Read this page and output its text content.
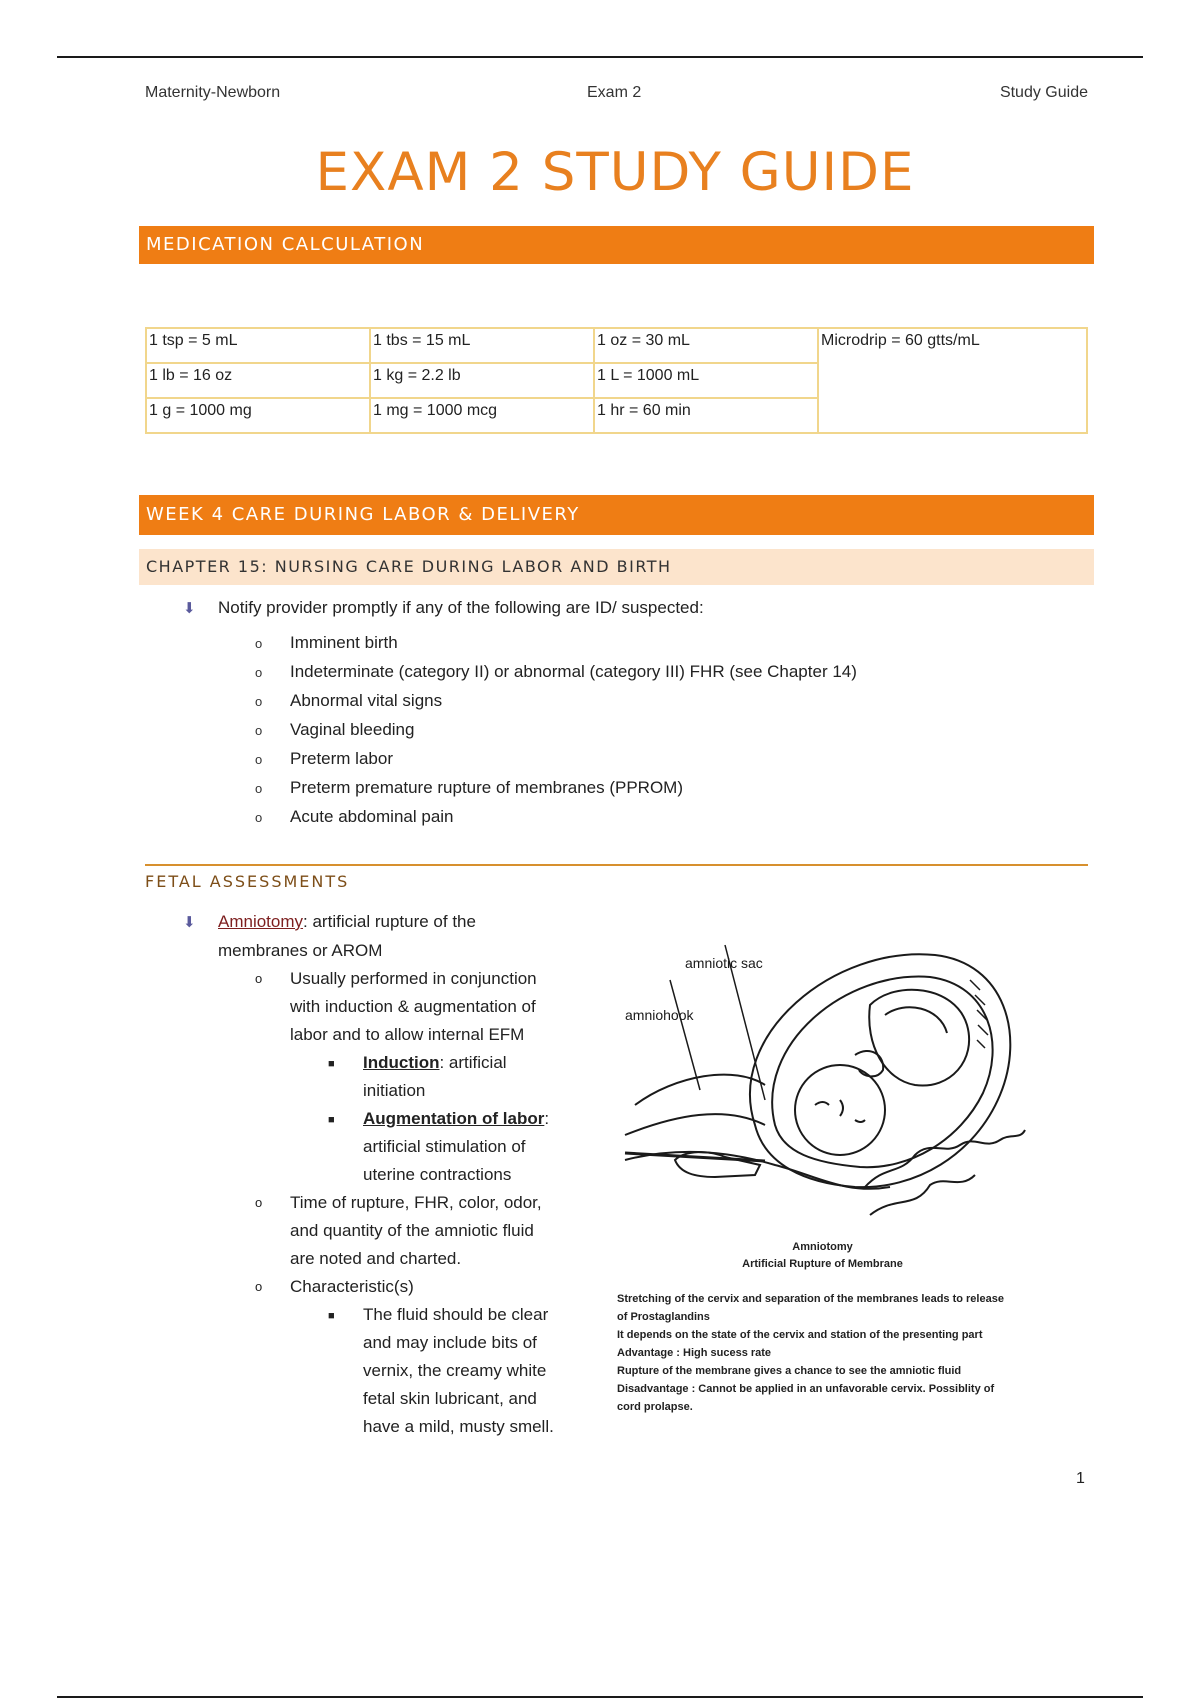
Maternity-Newborn	Exam 2	Study Guide
EXAM 2 STUDY GUIDE
MEDICATION CALCULATION
1 tsp = 5 mL	1 tbs = 15 mL	1 oz = 30 mL	Microdrip = 60 gtts/mL
1 lb = 16 oz	1 kg = 2.2 lb	1 L = 1000 mL	
1 g = 1000 mg	1 mg = 1000 mcg	1 hr = 60 min	
WEEK 4 CARE DURING LABOR & DELIVERY
CHAPTER 15: NURSING CARE DURING LABOR AND BIRTH
⬇ Notify provider promptly if any of the following are ID/ suspected:
o Imminent birth
o Indeterminate (category II) or abnormal (category III) FHR (see Chapter 14)
o Abnormal vital signs
o Vaginal bleeding
o Preterm labor
o Preterm premature rupture of membranes (PPROM)
o Acute abdominal pain
FETAL ASSESSMENTS
⬇ Amniotomy: artificial rupture of the
membranes or AROM
o Usually performed in conjunction
with induction & augmentation of
labor and to allow internal EFM
■ Induction: artificial
initiation
■ Augmentation of labor:
artificial stimulation of
uterine contractions
o Time of rupture, FHR, color, odor,
and quantity of the amniotic fluid
are noted and charted.
o Characteristic(s)
■ The fluid should be clear
and may include bits of
vernix, the creamy white
fetal skin lubricant, and
have a mild, musty smell.
amniotic sac
amniohook
Amniotomy
Artificial Rupture of Membrane
Stretching of the cervix and separation of the membranes leads to release
of Prostaglandins
It depends on the state of the cervix and station of the presenting part
Advantage : High sucess rate
Rupture of the membrane gives a chance to see the amniotic fluid
Disadvantage : Cannot be applied in an unfavorable cervix. Possiblity of
cord prolapse.
1
